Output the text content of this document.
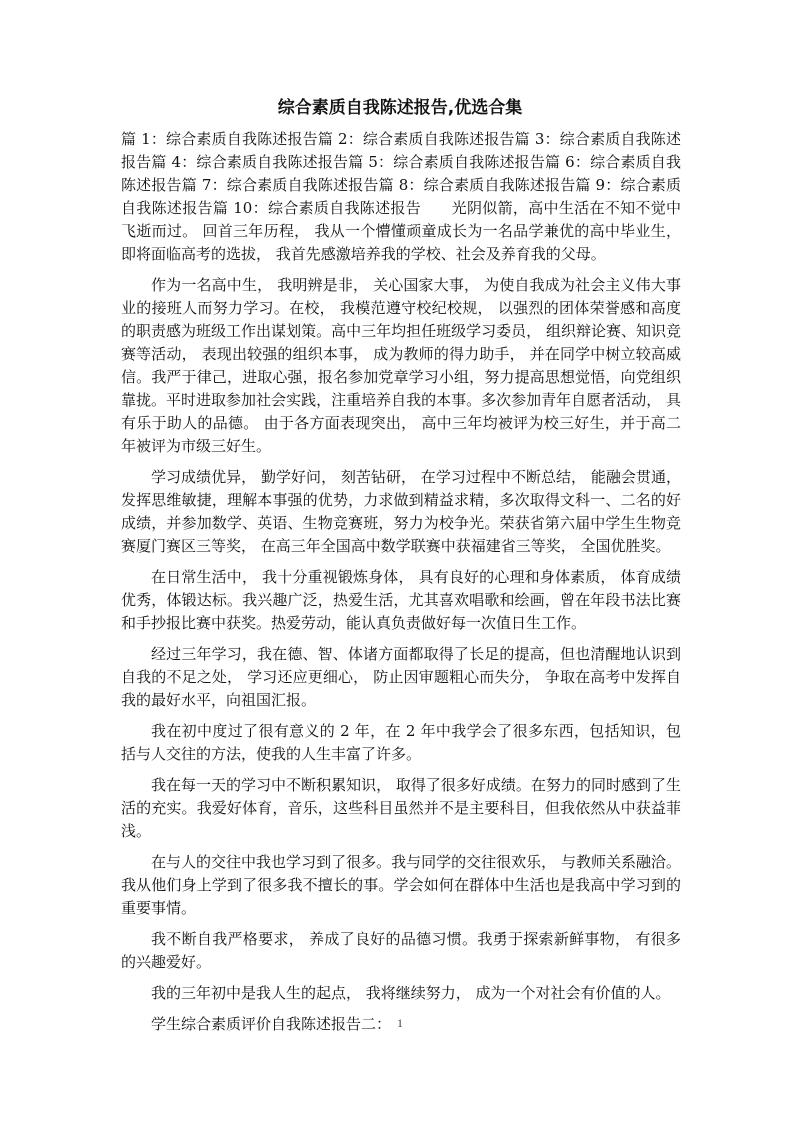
综合素质自我陈述报告,优选合集

篇 1：综合素质自我陈述报告篇 2：综合素质自我陈述报告篇 3：综合素质自我陈述报告篇 4：综合素质自我陈述报告篇 5：综合素质自我陈述报告篇 6：综合素质自我陈述报告篇 7：综合素质自我陈述报告篇 8：综合素质自我陈述报告篇 9：综合素质自我陈述报告篇 10：综合素质自我陈述报告　　光阴似箭，高中生活在不知不觉中飞逝而过。 回首三年历程， 我从一个懵懂顽童成长为一名品学兼优的高中毕业生， 即将面临高考的选拔， 我首先感激培养我的学校、社会及养育我的父母。

作为一名高中生， 我明辨是非， 关心国家大事， 为使自我成为社会主义伟大事业的接班人而努力学习。在校， 我模范遵守校纪校规， 以强烈的团体荣誉感和高度的职责感为班级工作出谋划策。高中三年均担任班级学习委员， 组织辩论赛、知识竞赛等活动， 表现出较强的组织本事， 成为教师的得力助手， 并在同学中树立较高威信。我严于律己，进取心强，报名参加党章学习小组，努力提高思想觉悟，向党组织靠拢。平时进取参加社会实践，注重培养自我的本事。多次参加青年自愿者活动， 具有乐于助人的品德。 由于各方面表现突出， 高中三年均被评为校三好生，并于高二年被评为市级三好生。

学习成绩优异， 勤学好问， 刻苦钻研， 在学习过程中不断总结， 能融会贯通，发挥思维敏捷，理解本事强的优势，力求做到精益求精，多次取得文科一、二名的好成绩，并参加数学、英语、生物竞赛班，努力为校争光。荣获省第六届中学生生物竞赛厦门赛区三等奖， 在高三年全国高中数学联赛中获福建省三等奖， 全国优胜奖。

在日常生活中， 我十分重视锻炼身体， 具有良好的心理和身体素质， 体育成绩优秀，体锻达标。我兴趣广泛，热爱生活，尤其喜欢唱歌和绘画，曾在年段书法比赛和手抄报比赛中获奖。热爱劳动，能认真负责做好每一次值日生工作。

经过三年学习，我在德、智、体诸方面都取得了长足的提高，但也清醒地认识到自我的不足之处， 学习还应更细心， 防止因审题粗心而失分， 争取在高考中发挥自我的最好水平，向祖国汇报。

我在初中度过了很有意义的 2 年，在 2 年中我学会了很多东西，包括知识，包括与人交往的方法，使我的人生丰富了许多。

我在每一天的学习中不断积累知识， 取得了很多好成绩。在努力的同时感到了生活的充实。我爱好体育，音乐，这些科目虽然并不是主要科目，但我依然从中获益菲浅。

在与人的交往中我也学习到了很多。我与同学的交往很欢乐， 与教师关系融洽。我从他们身上学到了很多我不擅长的事。学会如何在群体中生活也是我高中学习到的重要事情。

我不断自我严格要求， 养成了良好的品德习惯。我勇于探索新鲜事物， 有很多的兴趣爱好。

我的三年初中是我人生的起点， 我将继续努力， 成为一个对社会有价值的人。

学生综合素质评价自我陈述报告二： 1
